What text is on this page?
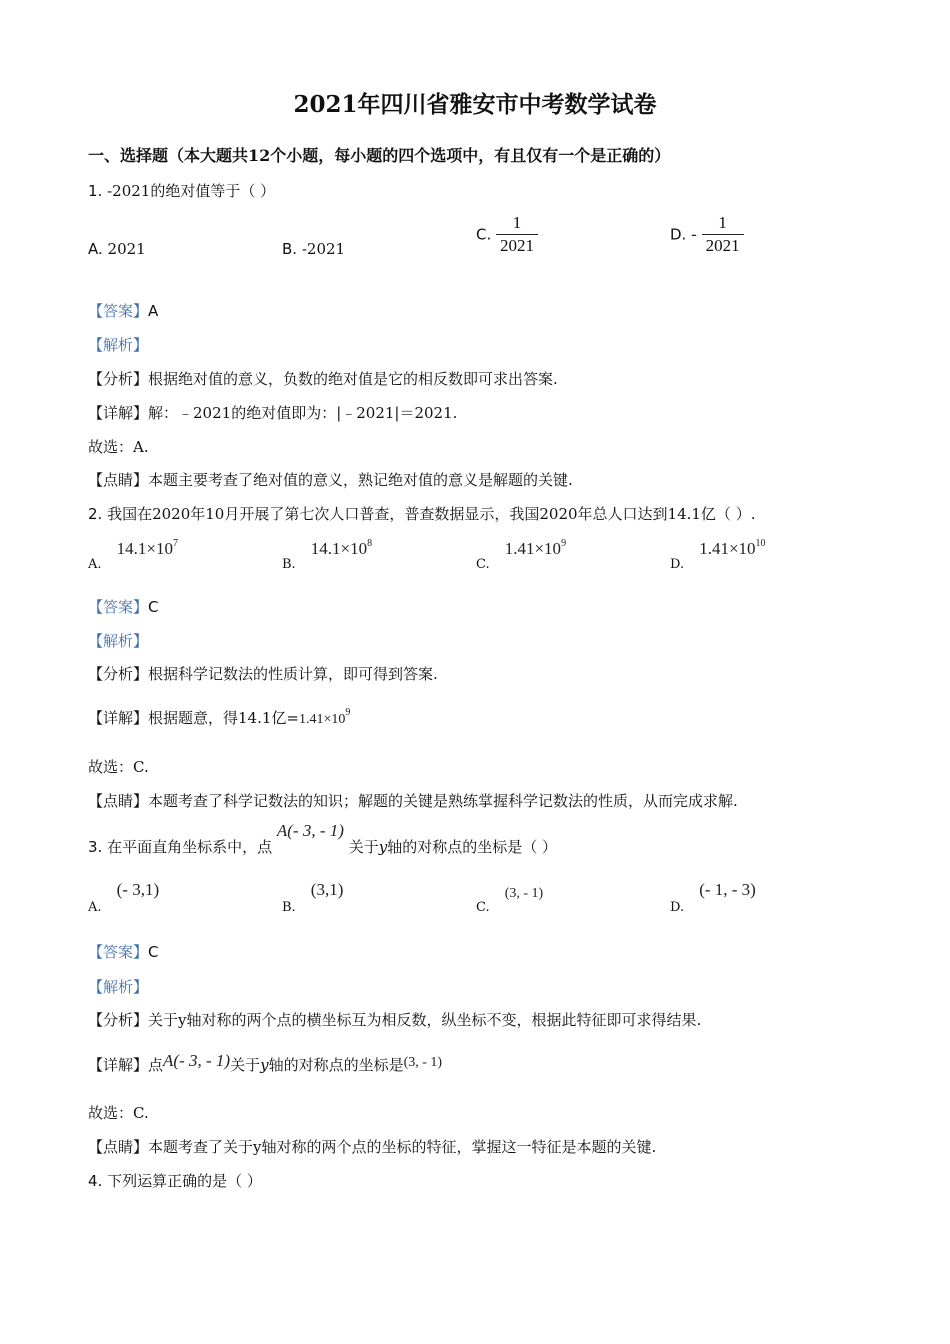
2021年四川省雅安市中考数学试卷
一、选择题（本大题共12个小题，每小题的四个选项中，有且仅有一个是正确的）
1. -2021的绝对值等于（ ）
A. 2021	B. -2021
C. $\frac{1}{2021}$	D. - $\frac{1}{2021}$
【答案】A
【解析】
【分析】根据绝对值的意义，负数的绝对值是它的相反数即可求出答案.
【详解】解：﹣2021的绝对值即为：|﹣2021|＝2021.
故选：A.
【点睛】本题主要考查了绝对值的意义，熟记绝对值的意义是解题的关键.
2. 我国在2020年10月开展了第七次人口普查，普查数据显示，我国2020年总人口达到14.1亿（ ）.
$_{A.}$ $14.1\times 10^7$
$_{B.}$ $14.1\times 10^8$
$_{C.}$ $1.41\times 10^9$
$_{D.}$ $1.41\times 10^{10}$
【答案】C
【解析】
【分析】根据科学记数法的性质计算，即可得到答案.
【详解】根据题意，得14.1亿$=1.41\times 10^9$
故选：C.
【点睛】本题考查了科学记数法的知识；解题的关键是熟练掌握科学记数法的性质，从而完成求解.
3. 在平面直角坐标系中，点 A(- 3, - 1) 关于y轴的对称点的坐标是（ ）
$_{A.}$ (- 3,1)
$_{B.}$ (3,1)
$_{C.}$ (3, - 1)
$_{D.}$ (- 1, - 3)
【答案】C
【解析】
【分析】关于y轴对称的两个点的横坐标互为相反数，纵坐标不变，根据此特征即可求得结果.
【详解】点A(- 3, - 1)关于y轴的对称点的坐标是(3, - 1)
故选：C.
【点睛】本题考查了关于y轴对称的两个点的坐标的特征，掌握这一特征是本题的关键.
4. 下列运算正确的是（ ）
